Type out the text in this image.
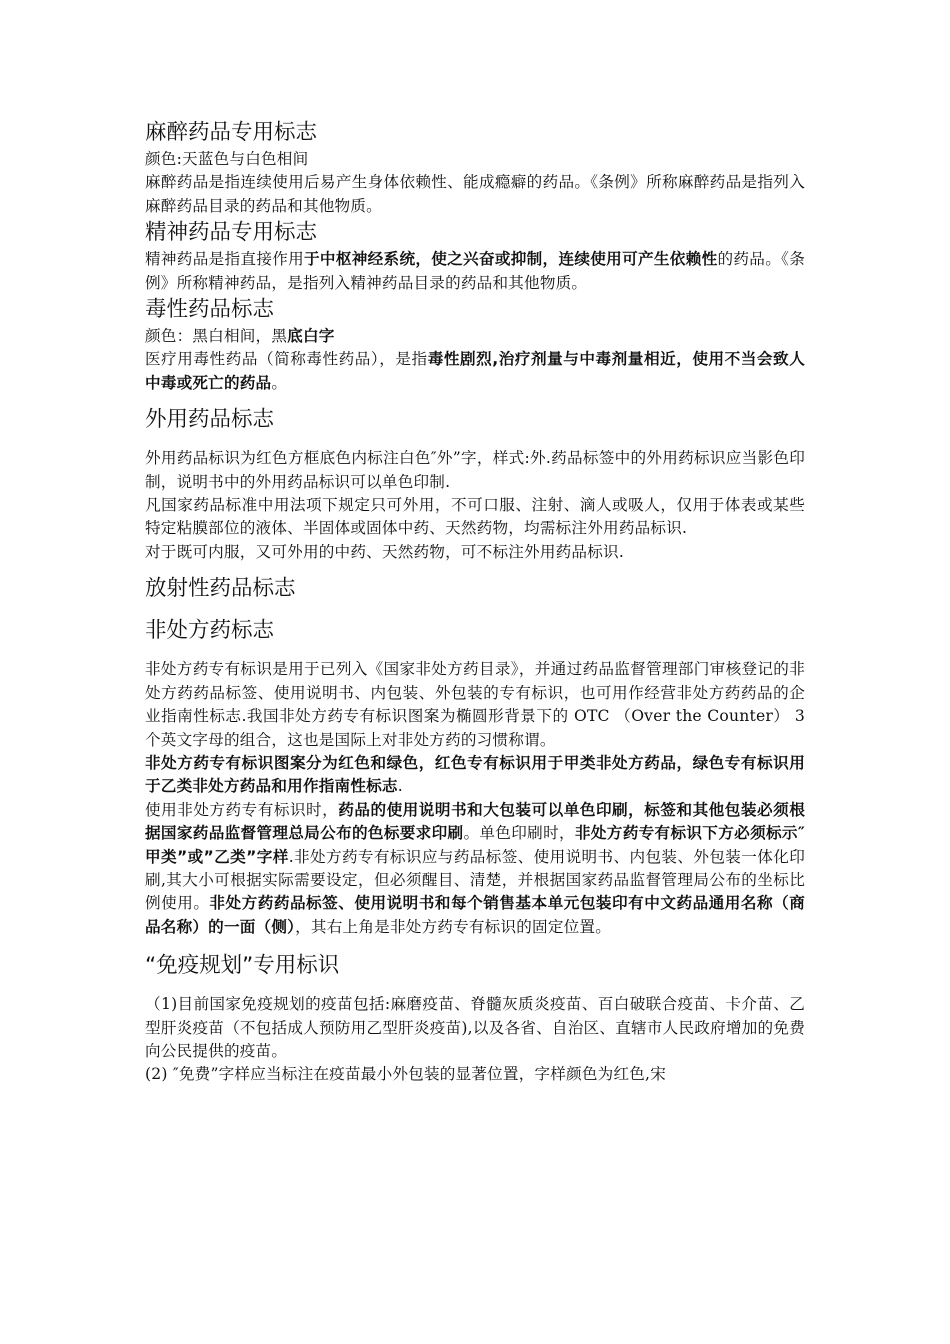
麻醉药品专用标志

颜色:天蓝色与白色相间

麻醉药品是指连续使用后易产生身体依赖性、能成瘾癖的药品。《条例》所称麻醉药品是指列入麻醉药品目录的药品和其他物质。

精神药品专用标志

精神药品是指直接作用于中枢神经系统，使之兴奋或抑制，连续使用可产生依赖性的药品。《条例》所称精神药品，是指列入精神药品目录的药品和其他物质。

毒性药品标志

颜色：黑白相间，黑底白字

医疗用毒性药品（简称毒性药品），是指毒性剧烈,治疗剂量与中毒剂量相近，使用不当会致人中毒或死亡的药品。

外用药品标志

外用药品标识为红色方框底色内标注白色″外”字，样式:外.药品标签中的外用药标识应当影色印制，说明书中的外用药品标识可以单色印制.

凡国家药品标准中用法项下规定只可外用，不可口服、注射、滴人或吸人，仅用于体表或某些特定粘膜部位的液体、半固体或固体中药、天然药物，均需标注外用药品标识.

对于既可内服，又可外用的中药、天然药物，可不标注外用药品标识.

放射性药品标志
非处方药标志

非处方药专有标识是用于已列入《国家非处方药目录》，并通过药品监督管理部门审核登记的非处方药药品标签、使用说明书、内包装、外包装的专有标识，也可用作经营非处方药药品的企业指南性标志.我国非处方药专有标识图案为椭圆形背景下的 OTC （Over the Counter） 3个英文字母的组合，这也是国际上对非处方药的习惯称谓。

非处方药专有标识图案分为红色和绿色，红色专有标识用于甲类非处方药品，绿色专有标识用于乙类非处方药品和用作指南性标志.

使用非处方药专有标识时，药品的使用说明书和大包装可以单色印刷，标签和其他包装必须根据国家药品监督管理总局公布的色标要求印刷。单色印刷时，非处方药专有标识下方必须标示″甲类”或”乙类”字样.非处方药专有标识应与药品标签、使用说明书、内包装、外包装一体化印刷,其大小可根据实际需要设定，但必须醒目、清楚，并根据国家药品监督管理局公布的坐标比例使用。非处方药药品标签、使用说明书和每个销售基本单元包装印有中文药品通用名称（商品名称）的一面（侧），其右上角是非处方药专有标识的固定位置。

“免疫规划”专用标识

（1)目前国家免疫规划的疫苗包括:麻磨疫苗、脊髓灰质炎疫苗、百白破联合疫苗、卡介苗、乙型肝炎疫苗（不包括成人预防用乙型肝炎疫苗),以及各省、自治区、直辖市人民政府增加的免费向公民提供的疫苗。

(2) ″免费”字样应当标注在疫苗最小外包装的显著位置，字样颜色为红色,宋
